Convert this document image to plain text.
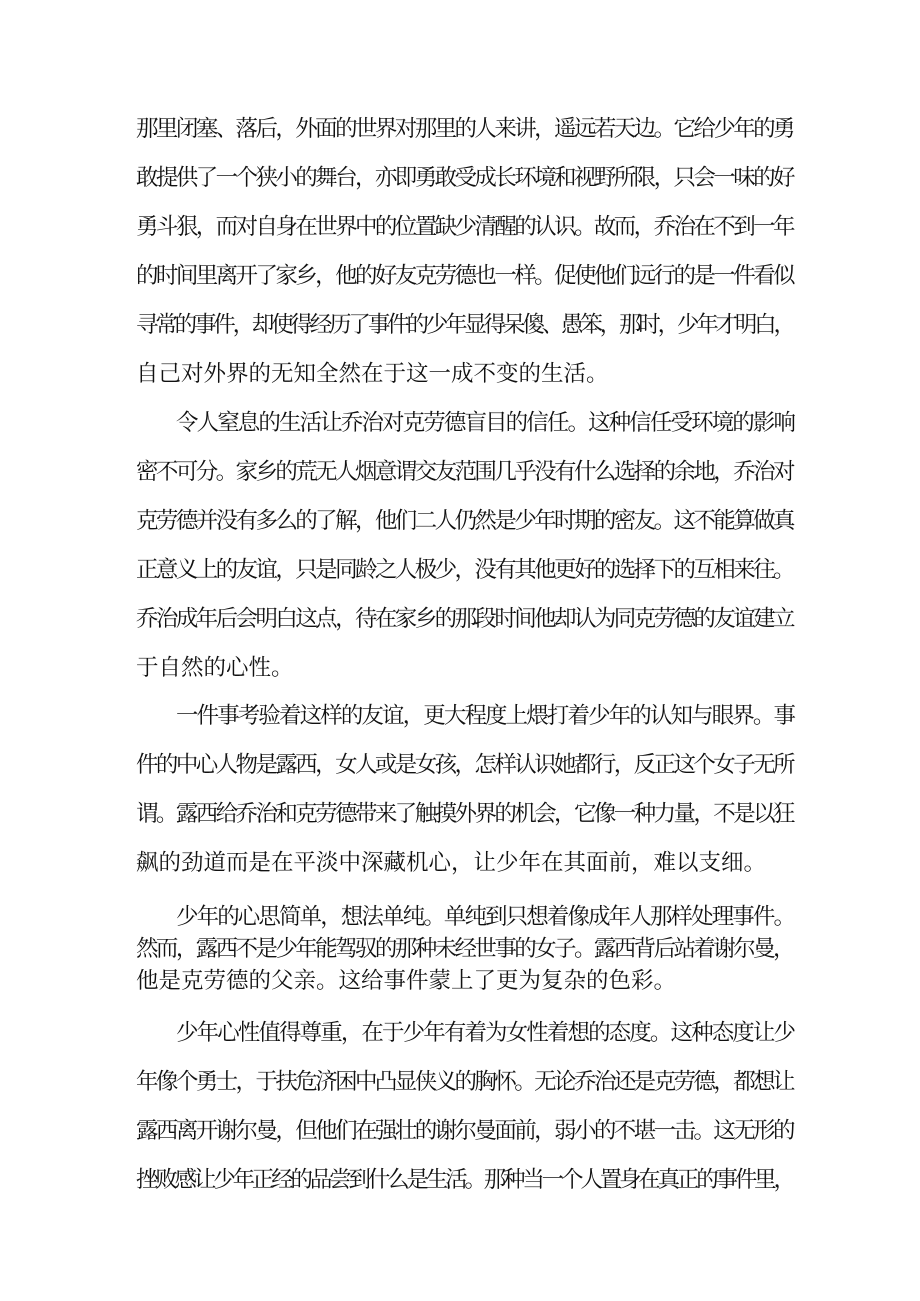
那里闭塞、落后，外面的世界对那里的人来讲，遥远若天边。它给少年的勇
敢提供了一个狭小的舞台，亦即勇敢受成长环境和视野所限，只会一味的好
勇斗狠，而对自身在世界中的位置缺少清醒的认识。故而，乔治在不到一年
的时间里离开了家乡，他的好友克劳德也一样。促使他们远行的是一件看似
寻常的事件，却使得经历了事件的少年显得呆傻、愚笨，那时，少年才明白，
自己对外界的无知全然在于这一成不变的生活。
令人窒息的生活让乔治对克劳德盲目的信任。这种信任受环境的影响
密不可分。家乡的荒无人烟意谓交友范围几乎没有什么选择的余地，乔治对
克劳德并没有多么的了解，他们二人仍然是少年时期的密友。这不能算做真
正意义上的友谊，只是同龄之人极少，没有其他更好的选择下的互相来往。
乔治成年后会明白这点，待在家乡的那段时间他却认为同克劳德的友谊建立
于自然的心性。
一件事考验着这样的友谊，更大程度上煨打着少年的认知与眼界。事
件的中心人物是露西，女人或是女孩，怎样认识她都行，反正这个女子无所
谓。露西给乔治和克劳德带来了触摸外界的机会，它像一种力量，不是以狂
飙的劲道而是在平淡中深藏机心，让少年在其面前，难以支细。
少年的心思简单，想法单纯。单纯到只想着像成年人那样处理事件。
然而，露西不是少年能驾驭的那种未经世事的女子。露西背后站着谢尔曼，
他是克劳德的父亲。这给事件蒙上了更为复杂的色彩。
少年心性值得尊重，在于少年有着为女性着想的态度。这种态度让少
年像个勇士，于扶危济困中凸显侠义的胸怀。无论乔治还是克劳德，都想让
露西离开谢尔曼，但他们在强壮的谢尔曼面前，弱小的不堪一击。这无形的
挫败感让少年正经的品尝到什么是生活。那种当一个人置身在真正的事件里，
